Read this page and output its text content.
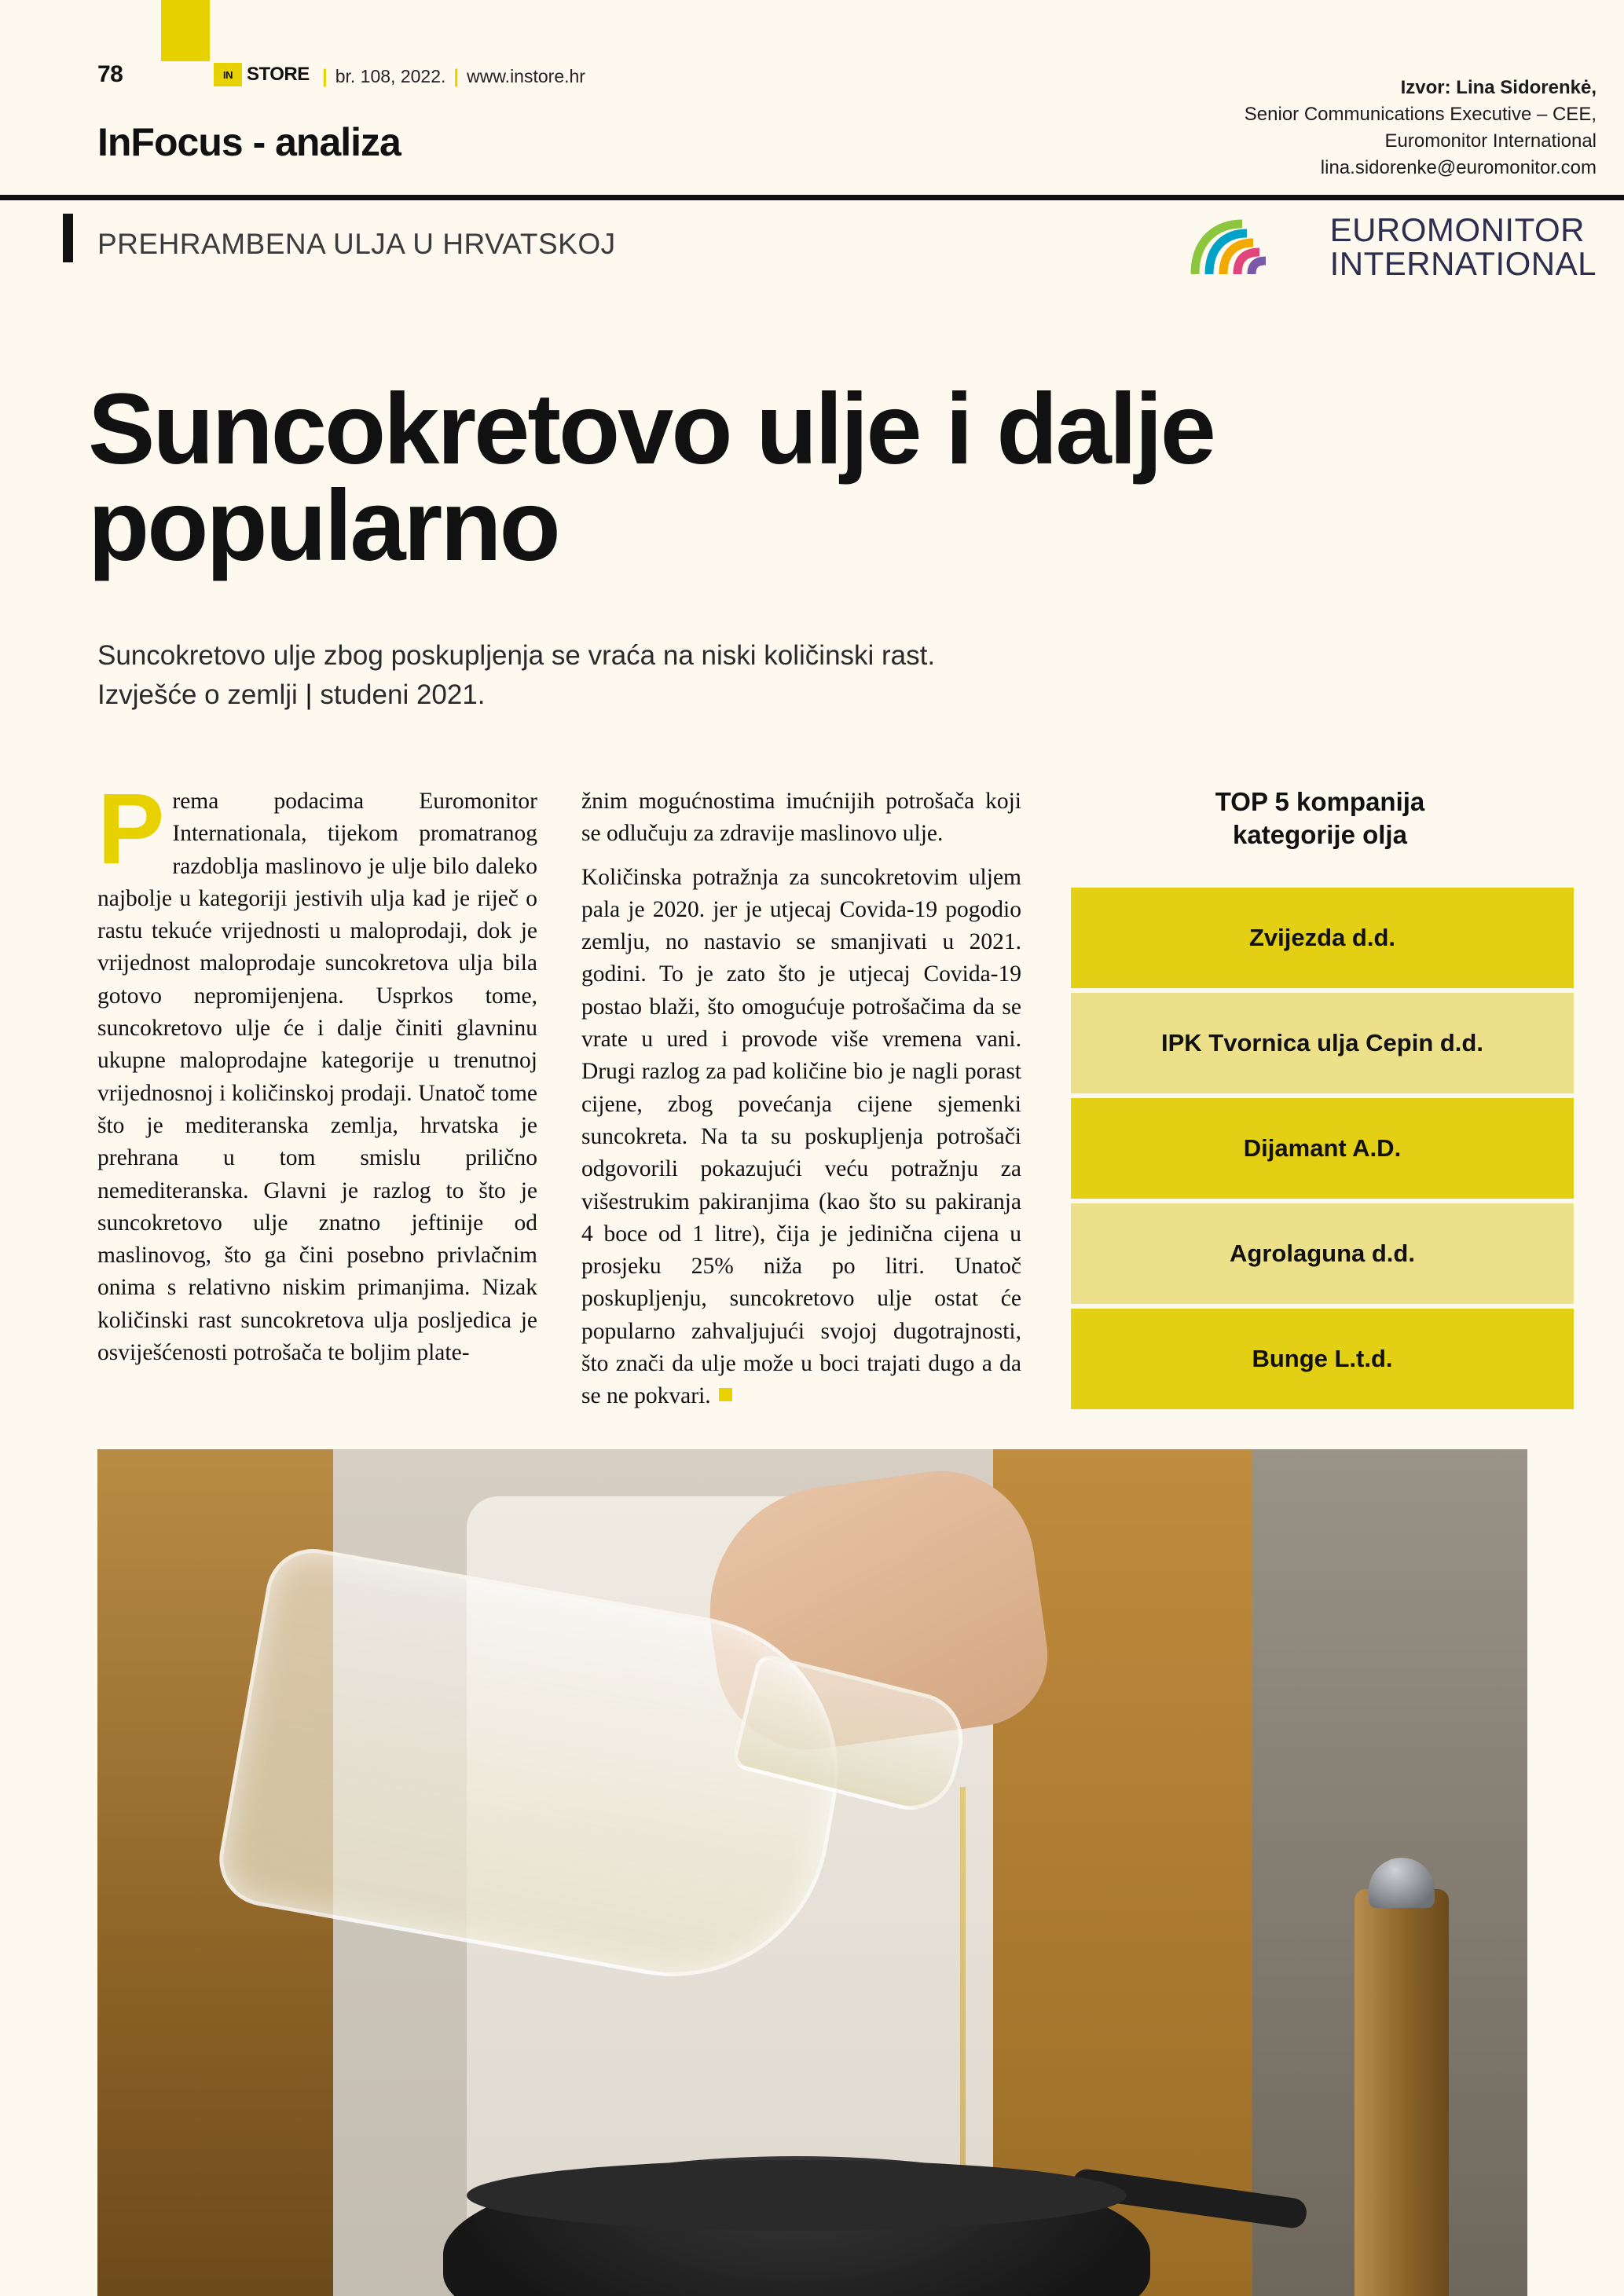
78	IN STORE | br. 108, 2022. | www.instore.hr
Izvor: Lina Sidorenkė,
Senior Communications Executive – CEE,
Euromonitor International
lina.sidorenke@euromonitor.com
InFocus - analiza
PREHRAMBENA ULJA U HRVATSKOJ	EUROMONITOR
INTERNATIONAL
Suncokretovo ulje i dalje popularno
Suncokretovo ulje zbog poskupljenja se vraća na niski količinski rast.
Izvješće o zemlji | studeni 2021.
Prema podacima Euromonitor Internationala, tijekom promatranog razdoblja maslinovo je ulje bilo daleko najbolje u kategoriji jestivih ulja kad je riječ o rastu tekuće vrijednosti u maloprodaji, dok je vrijednost maloprodaje suncokretova ulja bila gotovo nepromijenjena. Usprkos tome, suncokretovo ulje će i dalje činiti glavninu ukupne maloprodajne kategorije u trenutnoj vrijednosnoj i količinskoj prodaji. Unatoč tome što je mediteranska zemlja, hrvatska je prehrana u tom smislu prilično nemediteranska. Glavni je razlog to što je suncokretovo ulje znatno jeftinije od maslinovog, što ga čini posebno privlačnim onima s relativno niskim primanjima. Nizak količinski rast suncokretova ulja posljedica je osviješćenosti potrošača te boljim plate-

žnim mogućnostima imućnijih potrošača koji se odlučuju za zdravije maslinovo ulje.

Količinska potražnja za suncokretovim uljem pala je 2020. jer je utjecaj Covida-19 pogodio zemlju, no nastavio se smanjivati u 2021. godini. To je zato što je utjecaj Covida-19 postao blaži, što omogućuje potrošačima da se vrate u ured i provode više vremena vani. Drugi razlog za pad količine bio je nagli porast cijene, zbog povećanja cijene sjemenki suncokreta. Na ta su poskupljenja potrošači odgovorili pokazujući veću potražnju za višestrukim pakiranjima (kao što su pakiranja 4 boce od 1 litre), čija je jedinična cijena u prosjeku 25% niža po litri. Unatoč poskupljenju, suncokretovo ulje ostat će popularno zahvaljujući svojoj dugotrajnosti, što znači da ulje može u boci trajati dugo a da se ne pokvari.

TOP 5 kompanija
kategorije olja
Zvijezda d.d.
IPK Tvornica ulja Cepin d.d.
Dijamant A.D.
Agrolaguna d.d.
Bunge L.t.d.
